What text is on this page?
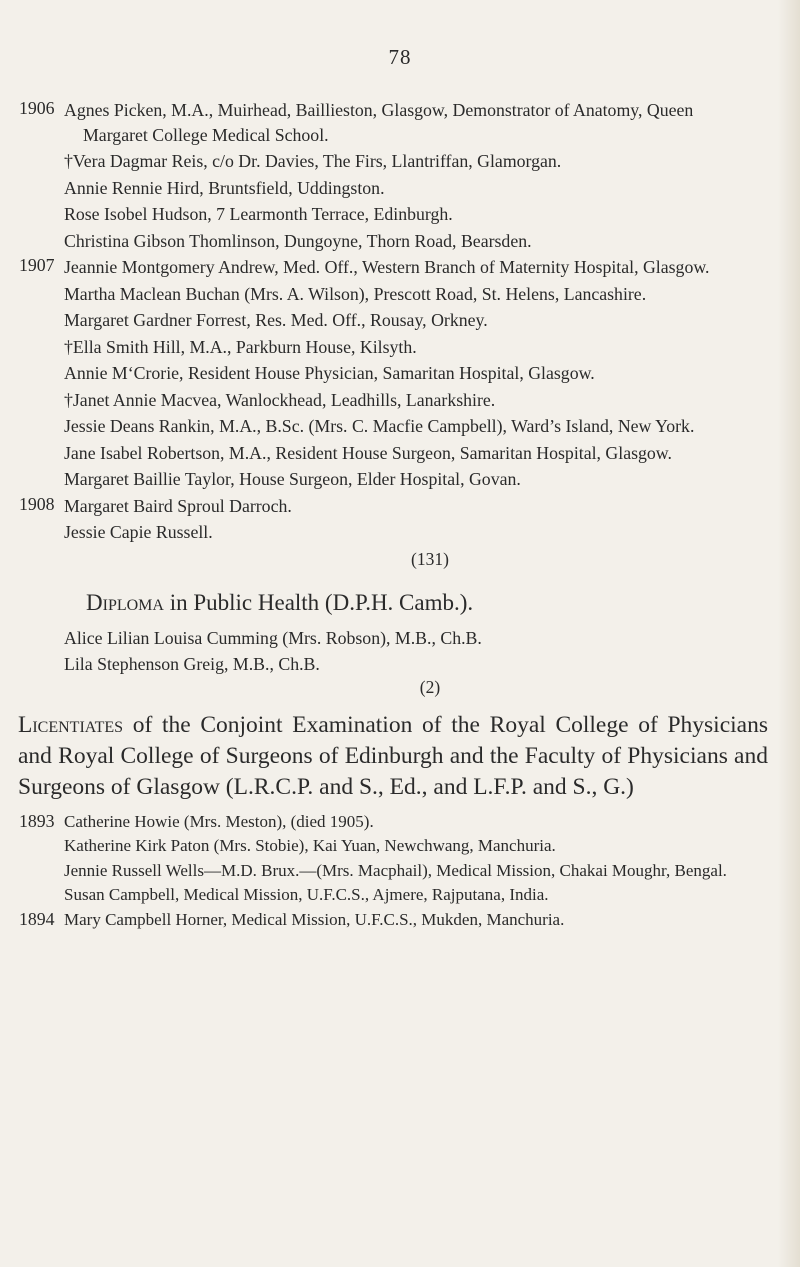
78
1906 Agnes Picken, M.A., Muirhead, Baillieston, Glasgow, Demonstrator of Anatomy, Queen Margaret College Medical School.
†Vera Dagmar Reis, c/o Dr. Davies, The Firs, Llantriffan, Glamorgan.
Annie Rennie Hird, Bruntsfield, Uddingston.
Rose Isobel Hudson, 7 Learmonth Terrace, Edinburgh.
Christina Gibson Thomlinson, Dungoyne, Thorn Road, Bearsden.
1907 Jeannie Montgomery Andrew, Med. Off., Western Branch of Maternity Hospital, Glasgow.
Martha Maclean Buchan (Mrs. A. Wilson), Prescott Road, St. Helens, Lancashire.
Margaret Gardner Forrest, Res. Med. Off., Rousay, Orkney.
†Ella Smith Hill, M.A., Parkburn House, Kilsyth.
Annie M‘Crorie, Resident House Physician, Samaritan Hospital, Glasgow.
†Janet Annie Macvea, Wanlockhead, Leadhills, Lanarkshire.
Jessie Deans Rankin, M.A., B.Sc. (Mrs. C. Macfie Campbell), Ward’s Island, New York.
Jane Isabel Robertson, M.A., Resident House Surgeon, Samaritan Hospital, Glasgow.
Margaret Baillie Taylor, House Surgeon, Elder Hospital, Govan.
1908 Margaret Baird Sproul Darroch.
Jessie Capie Russell.
(131)
Diploma in Public Health (D.P.H. Camb.).
Alice Lilian Louisa Cumming (Mrs. Robson), M.B., Ch.B.
Lila Stephenson Greig, M.B., Ch.B.
(2)
Licentiates of the Conjoint Examination of the Royal College of Physicians and Royal College of Surgeons of Edinburgh and the Faculty of Physicians and Surgeons of Glasgow (L.R.C.P. and S., Ed., and L.F.P. and S., G.)
1893 Catherine Howie (Mrs. Meston), (died 1905).
Katherine Kirk Paton (Mrs. Stobie), Kai Yuan, Newchwang, Manchuria.
Jennie Russell Wells—M.D. Brux.—(Mrs. Macphail), Medical Mission, Chakai Moughr, Bengal.
Susan Campbell, Medical Mission, U.F.C.S., Ajmere, Rajputana, India.
1894 Mary Campbell Horner, Medical Mission, U.F.C.S., Mukden, Manchuria.
